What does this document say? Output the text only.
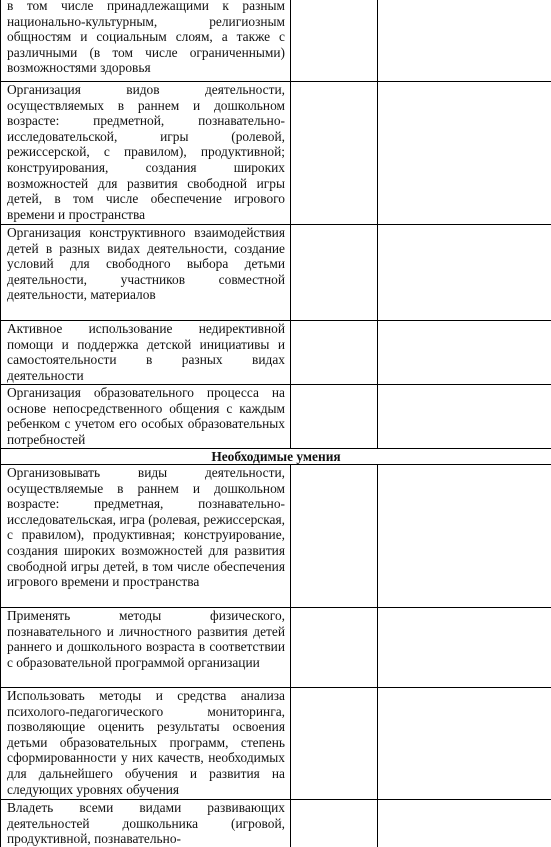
в том числе принадлежащими к разным национально-культурным, религиозным общностям и социальным слоям, а также с различными (в том числе ограниченными) возможностями здоровья		

Организация видов деятельности, осуществляемых в раннем и дошкольном возрасте: предметной, познавательно-исследовательской, игры (ролевой, режиссерской, с правилом), продуктивной; конструирования, создания широких возможностей для развития свободной игры детей, в том числе обеспечение игрового времени и пространства		

Организация конструктивного взаимодействия детей в разных видах деятельности, создание условий для свободного выбора детьми деятельности, участников совместной деятельности, материалов		

Активное использование недирективной помощи и поддержка детской инициативы и самостоятельности в разных видах деятельности		

Организация образовательного процесса на основе непосредственного общения с каждым ребенком с учетом его особых образовательных потребностей		

Необходимые умения		

Организовывать виды деятельности, осуществляемые в раннем и дошкольном возрасте: предметная, познавательно-исследовательская, игра (ролевая, режиссерская, с правилом), продуктивная; конструирование, создания широких возможностей для развития свободной игры детей, в том числе обеспечения игрового времени и пространства		

Применять методы физического, познавательного и личностного развития детей раннего и дошкольного возраста в соответствии с образовательной программой организации		

Использовать методы и средства анализа психолого-педагогического мониторинга, позволяющие оценить результаты освоения детьми образовательных программ, степень сформированности у них качеств, необходимых для дальнейшего обучения и развития на следующих уровнях обучения		

Владеть всеми видами развивающих деятельностей дошкольника (игровой, продуктивной, познавательно-		
